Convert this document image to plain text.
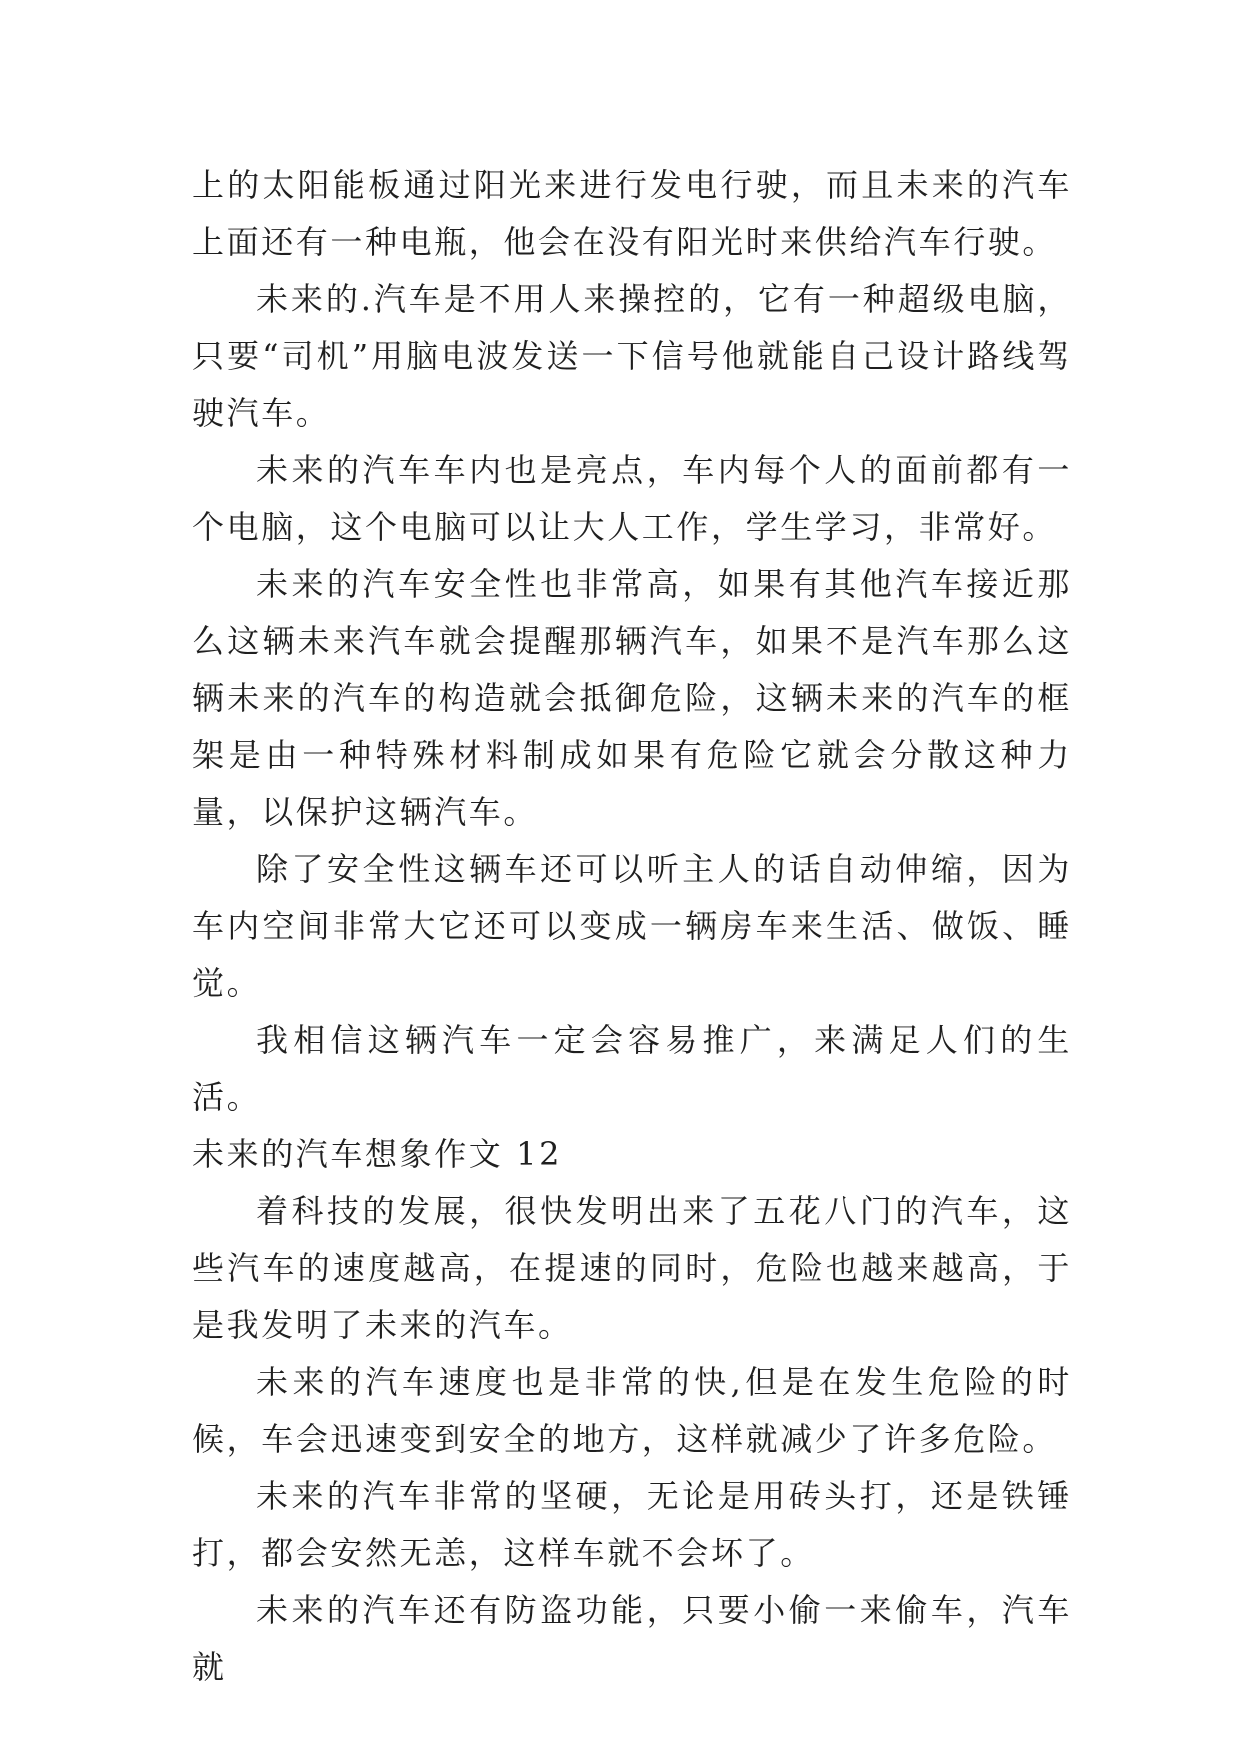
上的太阳能板通过阳光来进行发电行驶，而且未来的汽车上面还有一种电瓶，他会在没有阳光时来供给汽车行驶。

未来的.汽车是不用人来操控的，它有一种超级电脑，只要“司机”用脑电波发送一下信号他就能自己设计路线驾驶汽车。

未来的汽车车内也是亮点，车内每个人的面前都有一个电脑，这个电脑可以让大人工作，学生学习，非常好。

未来的汽车安全性也非常高，如果有其他汽车接近那么这辆未来汽车就会提醒那辆汽车，如果不是汽车那么这辆未来的汽车的构造就会抵御危险，这辆未来的汽车的框架是由一种特殊材料制成如果有危险它就会分散这种力量，以保护这辆汽车。

除了安全性这辆车还可以听主人的话自动伸缩，因为车内空间非常大它还可以变成一辆房车来生活、做饭、睡觉。

我相信这辆汽车一定会容易推广，来满足人们的生活。

未来的汽车想象作文 12

着科技的发展，很快发明出来了五花八门的汽车，这些汽车的速度越高，在提速的同时，危险也越来越高，于是我发明了未来的汽车。

未来的汽车速度也是非常的快,但是在发生危险的时候，车会迅速变到安全的地方，这样就减少了许多危险。

未来的汽车非常的坚硬，无论是用砖头打，还是铁锤打，都会安然无恙，这样车就不会坏了。

未来的汽车还有防盗功能，只要小偷一来偷车，汽车就
